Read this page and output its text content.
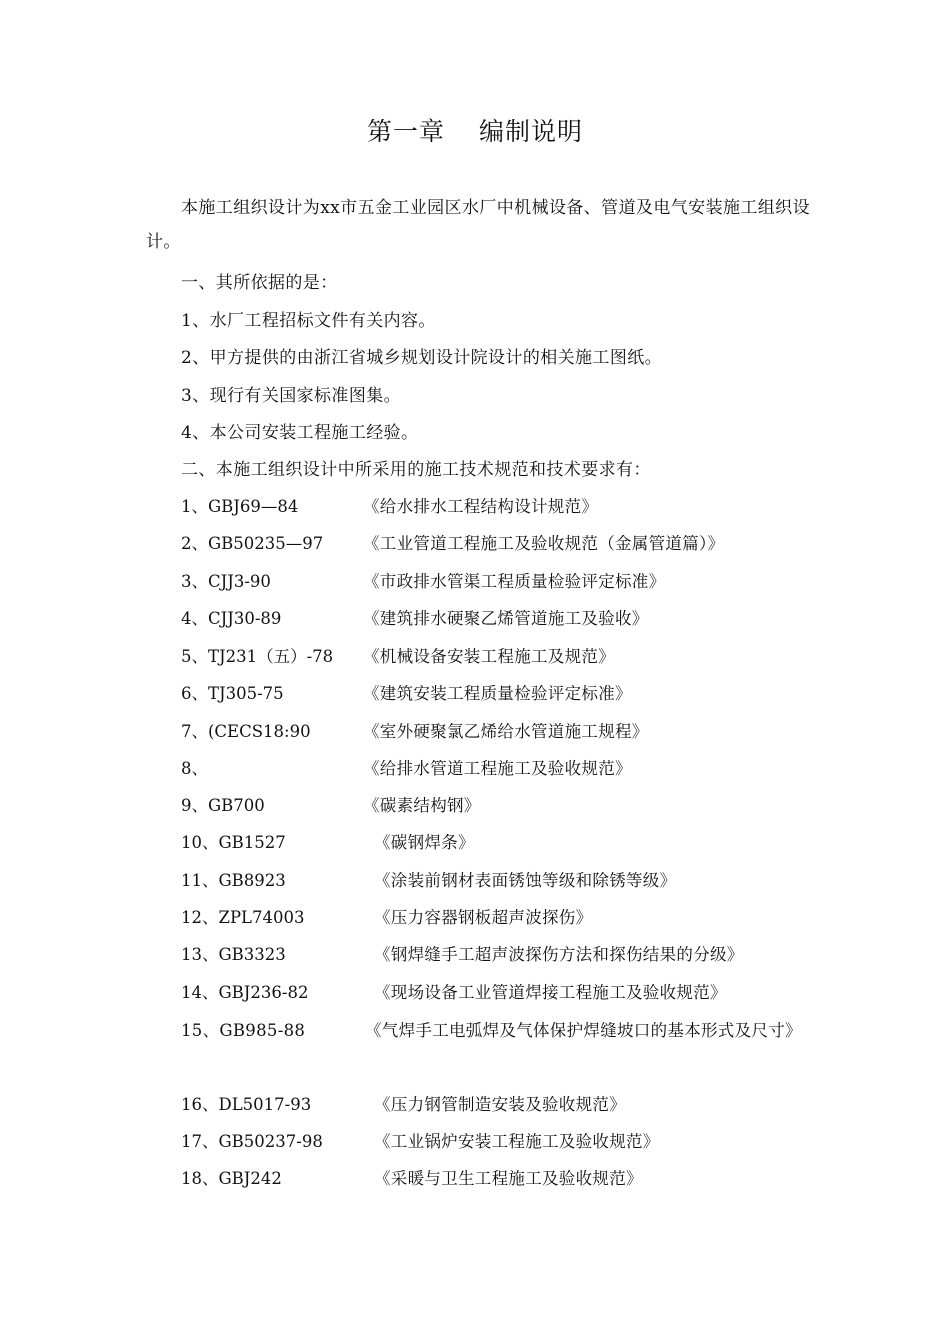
第一章 编制说明
本施工组织设计为xx市五金工业园区水厂中机械设备、管道及电气安装施工组织设计。
一、其所依据的是：
1、水厂工程招标文件有关内容。
2、甲方提供的由浙江省城乡规划设计院设计的相关施工图纸。
3、现行有关国家标准图集。
4、本公司安装工程施工经验。
二、本施工组织设计中所采用的施工技术规范和技术要求有：
1、GBJ69—84	《给水排水工程结构设计规范》
2、GB50235—97 《工业管道工程施工及验收规范（金属管道篇）》
3、CJJ3-90	《市政排水管渠工程质量检验评定标准》
4、CJJ30-89	《建筑排水硬聚乙烯管道施工及验收》
5、TJ231（五）-78 《机械设备安装工程施工及规范》
6、TJ305-75	《建筑安装工程质量检验评定标准》
7、(CECS18:90	《室外硬聚氯乙烯给水管道施工规程》
8、	《给排水管道工程施工及验收规范》
9、GB700	《碳素结构钢》
10、GB1527	《碳钢焊条》
11、GB8923	《涂装前钢材表面锈蚀等级和除锈等级》
12、ZPL74003	《压力容器钢板超声波探伤》
13、GB3323	《钢焊缝手工超声波探伤方法和探伤结果的分级》
14、GBJ236-82	《现场设备工业管道焊接工程施工及验收规范》
15、GB985-88	《气焊手工电弧焊及气体保护焊缝坡口的基本形式及尺寸》
16、DL5017-93	《压力钢管制造安装及验收规范》
17、GB50237-98	《工业锅炉安装工程施工及验收规范》
18、GBJ242	《采暖与卫生工程施工及验收规范》
